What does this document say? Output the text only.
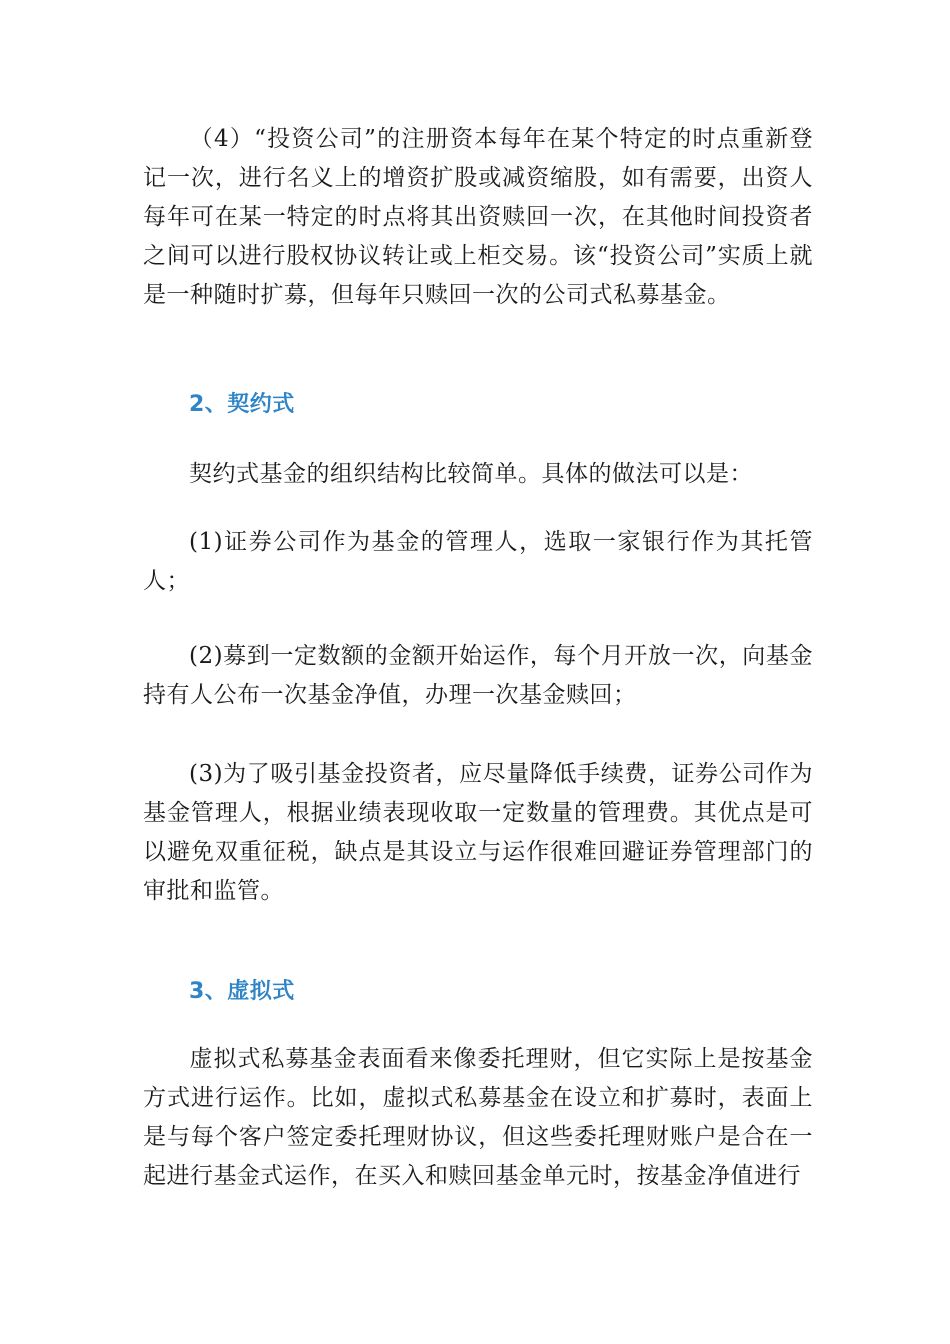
（4）“投资公司”的注册资本每年在某个特定的时点重新登记一次，进行名义上的增资扩股或减资缩股，如有需要，出资人每年可在某一特定的时点将其出资赎回一次，在其他时间投资者之间可以进行股权协议转让或上柜交易。该“投资公司”实质上就是一种随时扩募，但每年只赎回一次的公司式私募基金。

2、契约式

契约式基金的组织结构比较简单。具体的做法可以是：

(1)证券公司作为基金的管理人，选取一家银行作为其托管人；

(2)募到一定数额的金额开始运作，每个月开放一次，向基金持有人公布一次基金净值，办理一次基金赎回；

(3)为了吸引基金投资者，应尽量降低手续费，证券公司作为基金管理人，根据业绩表现收取一定数量的管理费。其优点是可以避免双重征税，缺点是其设立与运作很难回避证券管理部门的审批和监管。

3、虚拟式

虚拟式私募基金表面看来像委托理财，但它实际上是按基金方式进行运作。比如，虚拟式私募基金在设立和扩募时，表面上是与每个客户签定委托理财协议，但这些委托理财账户是合在一起进行基金式运作，在买入和赎回基金单元时，按基金净值进行
